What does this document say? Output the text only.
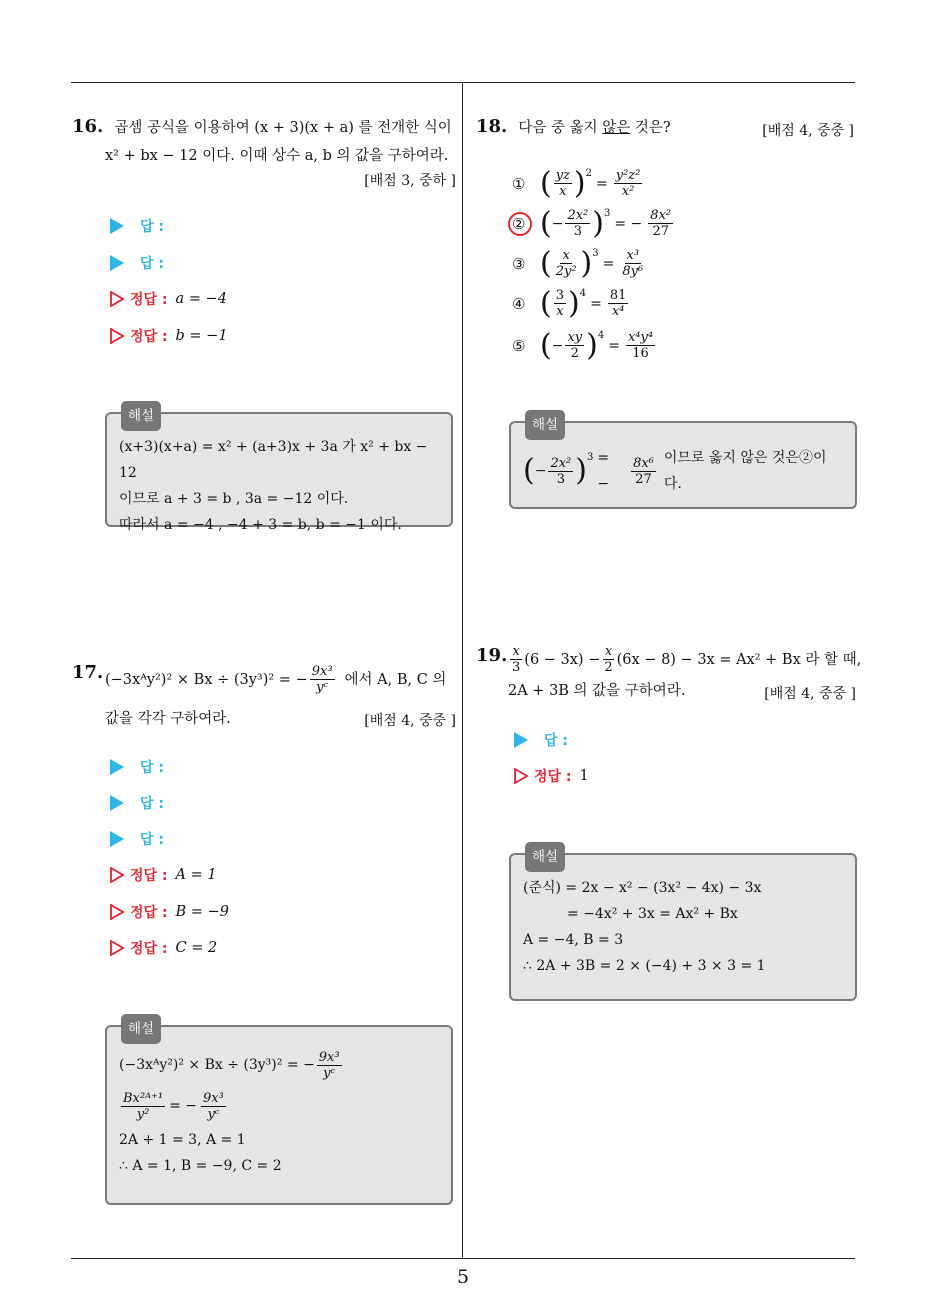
16. 곱셈 공식을 이용하여 (x + 3)(x + a) 를 전개한 식이
x² + bx − 12 이다. 이때 상수 a, b 의 값을 구하여라.
[배점 3, 중하 ]
답 :
답 :
정답 : a = −4
정답 : b = −1
해설
(x+3)(x+a) = x² + (a+3)x + 3a 가 x² + bx − 12
이므로 a + 3 = b , 3a = −12 이다.
따라서 a = −4 , −4 + 3 = b, b = −1 이다.
17. (−3xᴬy²)² × Bx ÷ (3y³)² = − $\frac{\text{9x³}}{\text{yᶜ}}$ 에서 A, B, C 의
값을 각각 구하여라.	[배점 4, 중중 ]
답 :
답 :
답 :
정답 : A = 1
정답 : B = −9
정답 : C = 2
해설
(−3xᴬy²)² × Bx ÷ (3y³)² = − $\frac{\text{9x³}}{\text{yᶜ}}$
$\frac{\text{Bx²ᴬ⁺¹}}{\text{y²}}$ = − $\frac{\text{9x³}}{\text{yᶜ}}$
2A + 1 = 3, A = 1
∴ A = 1, B = −9, C = 2
18. 다음 중 옳지 않은 것은?	[배점 4, 중중 ]
① ( $\frac{yz}{x} )^2$
= $\frac{\text{y²z²}}{\text{x²}}$
② ( − $\frac{\text{2x²}}{3} )^3$
= − $\frac{\text{8x²}}{27}$
③ ( $\frac{x}{\text{2y²}} )^3$
= $\frac{\text{x³}}{\text{8y⁶}}$
④ ( $\frac{3}{x} )^4$
= $\frac{81}{\text{x⁴}}$
⑤ ( − $\frac{xy}{2} )^4$
= $\frac{\text{x⁴y⁴}}{16}$
해설
( − $\frac{\text{2x²}}{3} )^3$ = −	$\frac{\text{8x⁶}}{27}$ 이므로 옳지 않은 것은②이다.
19. $\frac{x}{3} (6 - 3x) - \frac{x}{2} (6x - 8) - 3x = Ax^2 + Bx$ 라 할 때,
2A + 3B 의 값을 구하여라.	[배점 4, 중중 ]
답 :
정답 : 1
해설
(준식) = 2x − x² − (3x² − 4x) − 3x
= −4x² + 3x = Ax² + Bx
A = −4, B = 3
∴ 2A + 3B = 2 × (−4) + 3 × 3 = 1
5
